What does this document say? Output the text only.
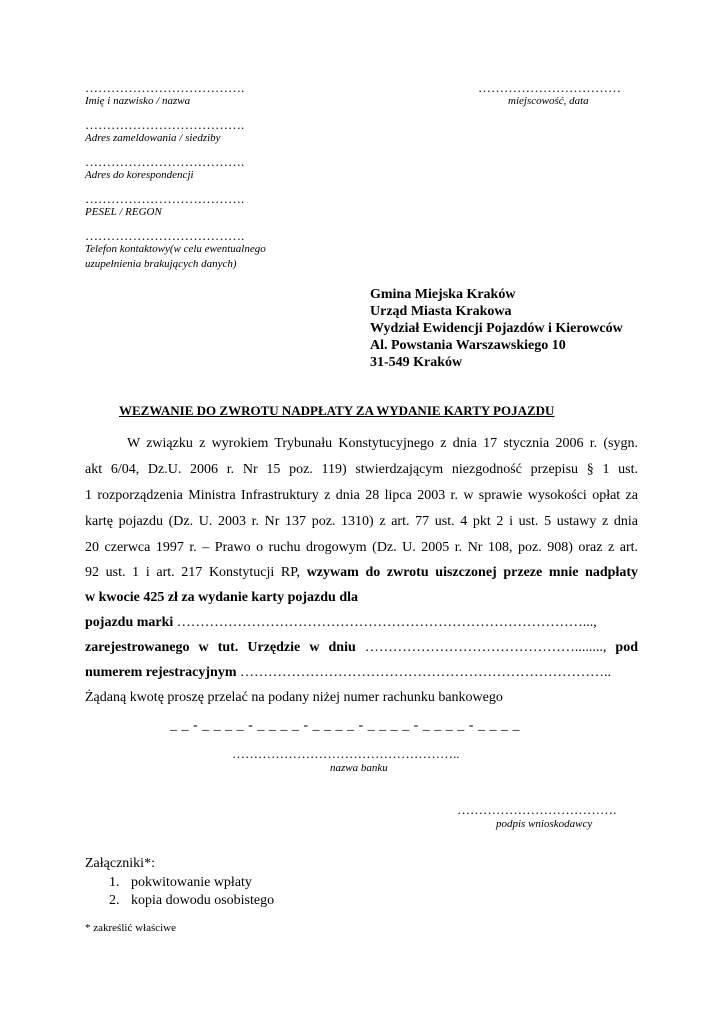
……………………………….
Imię i nazwisko / nazwa
……………………………….
Adres zameldowania / siedziby
……………………………….
Adres do korespondencji
……………………………….
PESEL / REGON
……………………………….
Telefon kontaktowy(w celu ewentualnego
uzupełnienia brakujących danych)
……………………………
miejscowość, data
Gmina Miejska Kraków
Urząd Miasta Krakowa
Wydział Ewidencji Pojazdów i Kierowców
Al. Powstania Warszawskiego 10
31-549 Kraków
WEZWANIE DO ZWROTU NADPŁATY ZA WYDANIE KARTY POJAZDU
W związku z wyrokiem Trybunału Konstytucyjnego z dnia 17 stycznia 2006 r. (sygn.
akt 6/04, Dz.U. 2006 r. Nr 15 poz. 119) stwierdzającym niezgodność przepisu § 1 ust.
1 rozporządzenia Ministra Infrastruktury z dnia 28 lipca 2003 r. w sprawie wysokości opłat za
kartę pojazdu (Dz. U. 2003 r. Nr 137 poz. 1310) z art. 77 ust. 4 pkt 2 i ust. 5 ustawy z dnia
20 czerwca 1997 r. – Prawo o ruchu drogowym (Dz. U. 2005 r. Nr 108, poz. 908) oraz z art.
92 ust. 1 i art. 217 Konstytucji RP, wzywam do zwrotu uiszczonej przeze mnie nadpłaty
w kwocie 425 zł za wydanie karty pojazdu dla
pojazdu marki ……………………………………………………………………………...,
zarejestrowanego w tut. Urzędzie w dniu ………………………………………........, pod
numerem rejestracyjnym ……………………………………………………………………..
Żądaną kwotę proszę przelać na podany niżej numer rachunku bankowego
_ _ - _ _ _ _ - _ _ _ _ - _ _ _ _ - _ _ _ _ - _ _ _ _ - _ _ _ _
……………………………………………..
nazwa banku
……………………………….
podpis wnioskodawcy
Załączniki*:
1. pokwitowanie wpłaty
2. kopia dowodu osobistego
* zakreślić właściwe
